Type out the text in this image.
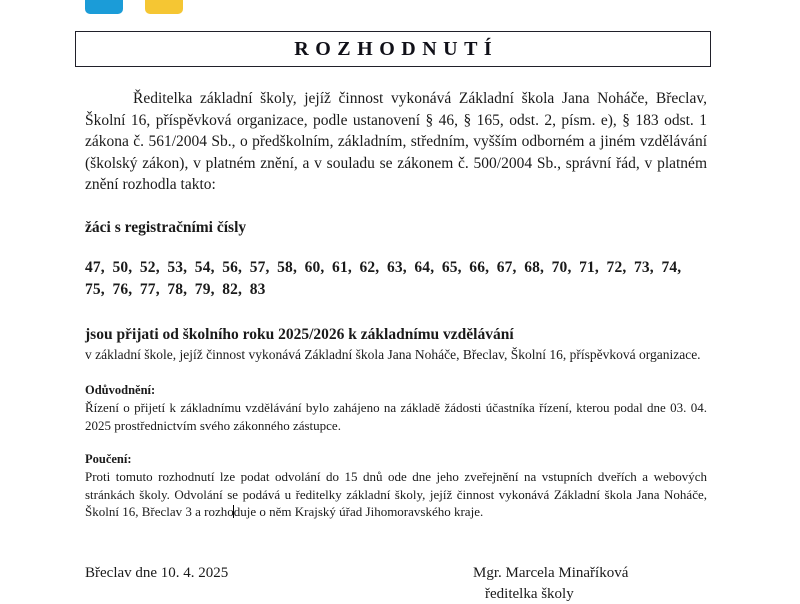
ROZHODNUTÍ

Ředitelka základní školy, jejíž činnost vykonává Základní škola Jana Noháče, Břeclav, Školní 16, příspěvková organizace, podle ustanovení § 46, § 165, odst. 2, písm. e), § 183 odst. 1 zákona č. 561/2004 Sb., o předškolním, základním, středním, vyšším odborném a jiném vzdělávání (školský zákon), v platném znění, a v souladu se zákonem č. 500/2004 Sb., správní řád, v platném znění rozhodla takto:

žáci s registračními čísly

47, 50, 52, 53, 54, 56, 57, 58, 60, 61, 62, 63, 64, 65, 66, 67, 68, 70, 71, 72, 73, 74, 75, 76, 77, 78, 79, 82, 83

jsou přijati od školního roku 2025/2026 k základnímu vzdělávání

v základní škole, jejíž činnost vykonává Základní škola Jana Noháče, Břeclav, Školní 16, příspěvková organizace.

Odůvodnění:

Řízení o přijetí k základnímu vzdělávání bylo zahájeno na základě žádosti účastníka řízení, kterou podal dne 03. 04. 2025 prostřednictvím svého zákonného zástupce.

Poučení:

Proti tomuto rozhodnutí lze podat odvolání do 15 dnů ode dne jeho zveřejnění na vstupních dveřích a webových stránkách školy. Odvolání se podává u ředitelky základní školy, jejíž činnost vykonává Základní škola Jana Noháče, Školní 16, Břeclav 3 a rozhoduje o něm Krajský úřad Jihomoravského kraje.

Břeclav dne 10. 4. 2025	Mgr. Marcela Minaříková
ředitelka školy
